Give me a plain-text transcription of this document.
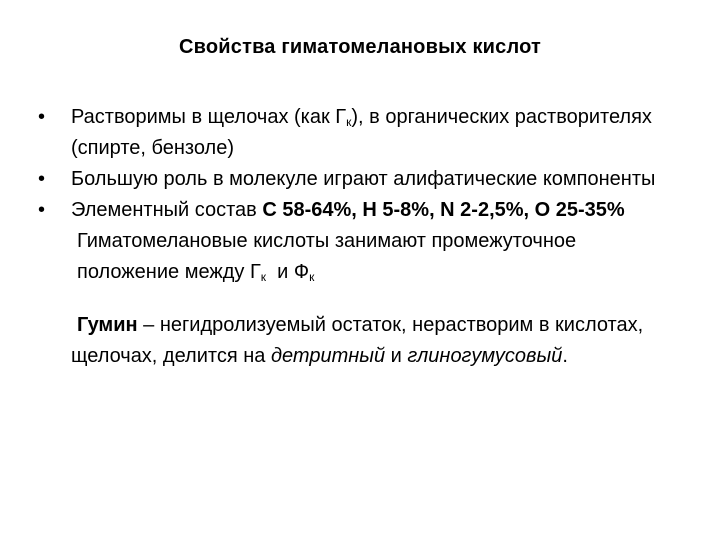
Свойства гиматомелановых кислот
•	Растворимы в щелочах (как $Г_к$), в органических растворителях (спирте, бензоле)
•	Большую роль в молекуле играют алифатические компоненты
•	Элементный состав C 58-64%, H 5-8%, N 2-2,5%, O 25-35%
Гиматомелановые кислоты занимают промежуточное положение между $Г_к$  и $Ф_к$
Гумин – негидролизуемый остаток, нерастворим в кислотах, щелочах, делится на детритный и глиногумусовый.
